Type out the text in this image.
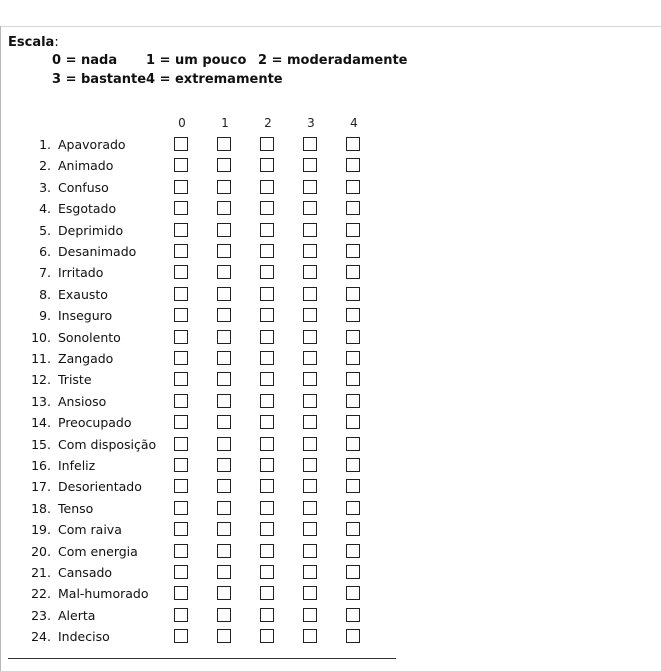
Escala:
0 = nada 1 = um pouco 2 = moderadamente
3 = bastante 4 = extremamente
0	1	2	3	4
1. Apavorado
2. Animado
3. Confuso
4. Esgotado
5. Deprimido
6. Desanimado
7. Irritado
8. Exausto
9. Inseguro
10. Sonolento
11. Zangado
12. Triste
13. Ansioso
14. Preocupado
15. Com disposição
16. Infeliz
17. Desorientado
18. Tenso
19. Com raiva
20. Com energia
21. Cansado
22. Mal-humorado
23. Alerta
24. Indeciso
